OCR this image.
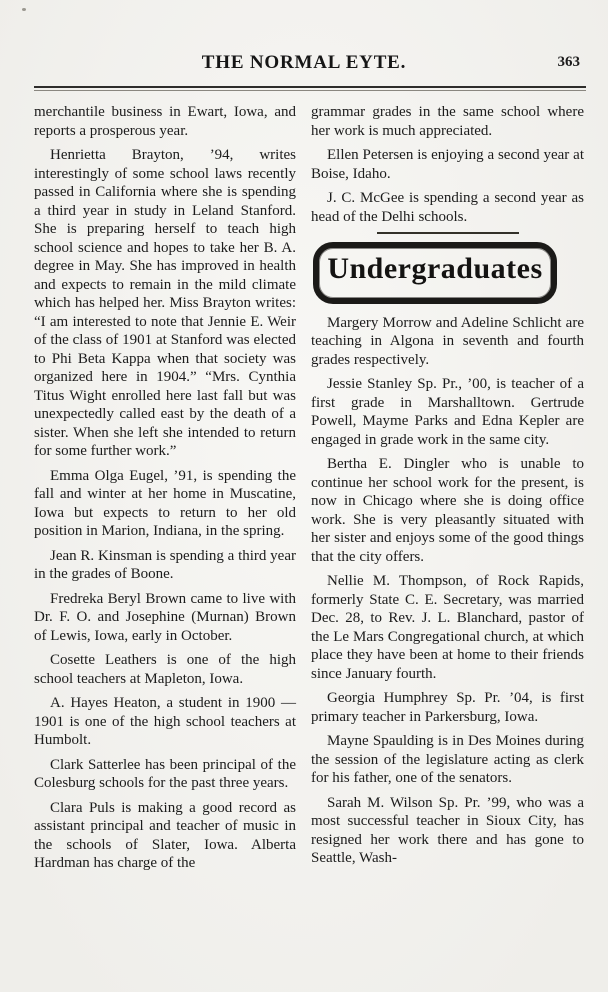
THE NORMAL EYTE.	363

merchantile business in Ewart, Iowa, and reports a prosperous year.

Henrietta Brayton, ’94, writes interestingly of some school laws recently passed in California where she is spending a third year in study in Leland Stanford. She is preparing herself to teach high school science and hopes to take her B. A. degree in May. She has improved in health and expects to remain in the mild climate which has helped her. Miss Brayton writes: “I am interested to note that Jennie E. Weir of the class of 1901 at Stanford was elected to Phi Beta Kappa when that society was organized here in 1904.” “Mrs. Cynthia Titus Wight enrolled here last fall but was unexpectedly called east by the death of a sister. When she left she intended to return for some further work.”

Emma Olga Eugel, ’91, is spending the fall and winter at her home in Muscatine, Iowa but expects to return to her old position in Marion, Indiana, in the spring.

Jean R. Kinsman is spending a third year in the grades of Boone.

Fredreka Beryl Brown came to live with Dr. F. O. and Josephine (Murnan) Brown of Lewis, Iowa, early in October.

Cosette Leathers is one of the high school teachers at Mapleton, Iowa.

A. Hayes Heaton, a student in 1900 —1901 is one of the high school teachers at Humbolt.

Clark Satterlee has been principal of the Colesburg schools for the past three years.

Clara Puls is making a good record as assistant principal and teacher of music in the schools of Slater, Iowa. Alberta Hardman has charge of the

grammar grades in the same school where her work is much appreciated.

Ellen Petersen is enjoying a second year at Boise, Idaho.

J. C. McGee is spending a second year as head of the Delhi schools.

Undergraduates

Margery Morrow and Adeline Schlicht are teaching in Algona in seventh and fourth grades respectively.

Jessie Stanley Sp. Pr., ’00, is teacher of a first grade in Marshalltown. Gertrude Powell, Mayme Parks and Edna Kepler are engaged in grade work in the same city.

Bertha E. Dingler who is unable to continue her school work for the present, is now in Chicago where she is doing office work. She is very pleasantly situated with her sister and enjoys some of the good things that the city offers.

Nellie M. Thompson, of Rock Rapids, formerly State C. E. Secretary, was married Dec. 28, to Rev. J. L. Blanchard, pastor of the Le Mars Congregational church, at which place they have been at home to their friends since January fourth.

Georgia Humphrey Sp. Pr. ’04, is first primary teacher in Parkersburg, Iowa.

Mayne Spaulding is in Des Moines during the session of the legislature acting as clerk for his father, one of the senators.

Sarah M. Wilson Sp. Pr. ’99, who was a most successful teacher in Sioux City, has resigned her work there and has gone to Seattle, Wash-
